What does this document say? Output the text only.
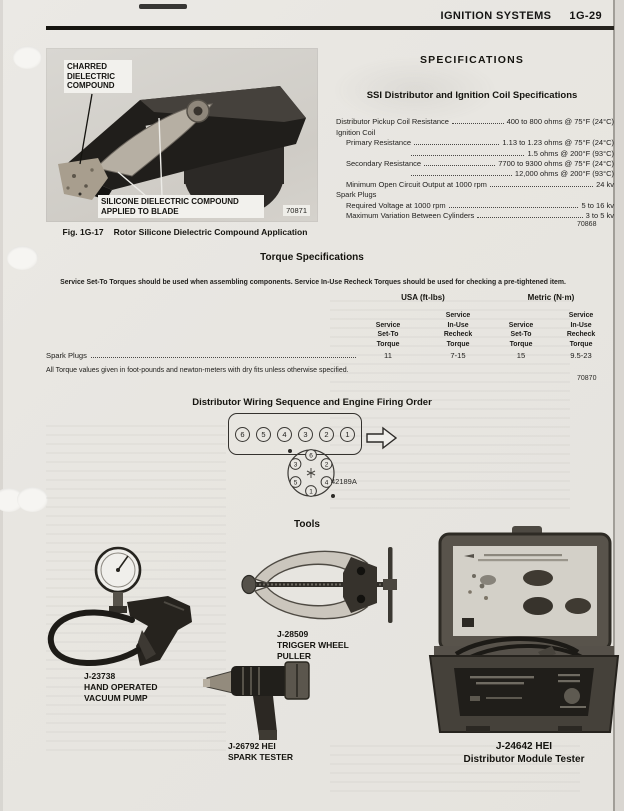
IGNITION SYSTEMS 1G-29
CHARRED
DIELECTRIC
COMPOUND
SILICONE DIELECTRIC COMPOUND
APPLIED TO BLADE	70871
Fig. 1G-17 Rotor Silicone Dielectric Compound Application
SPECIFICATIONS
SSI Distributor and Ignition Coil Specifications
Distributor Pickup Coil Resistance	400 to 800 ohms @ 75°F (24°C)
Ignition Coil
Primary Resistance	1.13 to 1.23 ohms @ 75°F (24°C)
1.5 ohms @ 200°F (93°C)
Secondary Resistance	7700 to 9300 ohms @ 75°F (24°C)
12,000 ohms @ 200°F (93°C)
Minimum Open Circuit Output at 1000 rpm	24 kv
Spark Plugs
Required Voltage at 1000 rpm	5 to 16 kv
Maximum Variation Between Cylinders	3 to 5 kv
70868
Torque Specifications
Service Set-To Torques should be used when assembling components. Service In-Use Recheck Torques should be used for checking a pre-tightened item.
USA (ft-lbs)	Metric (N·m)
Service
Set-To
Torque
Service
In-Use
Recheck
Torque
Service
Set-To
Torque
Service
In-Use
Recheck
Torque
Spark Plugs	11	7-15	15	9.5-23
All Torque values given in foot-pounds and newton-meters with dry fits unless otherwise specified.
70870
Distributor Wiring Sequence and Engine Firing Order
6	5	4	3	2	1
6
2
4
1
5
3
42189A
Tools
J-23738
HAND OPERATED
VACUUM PUMP
J-28509
TRIGGER WHEEL
PULLER
J-26792 HEI
SPARK TESTER
J-24642 HEI
Distributor Module Tester
